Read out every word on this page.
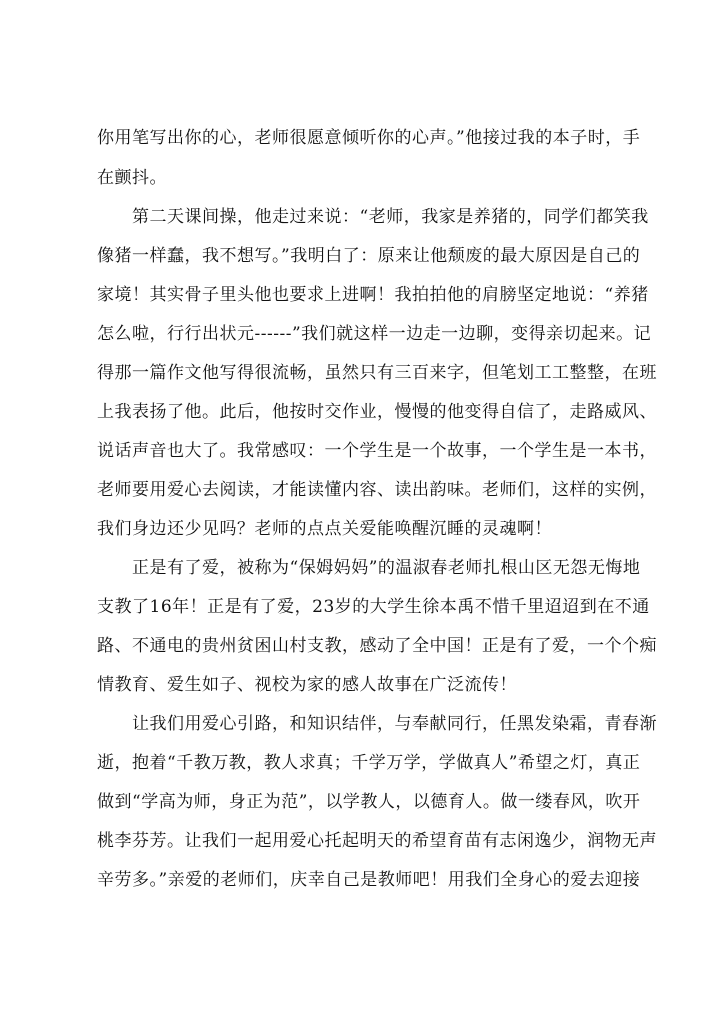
你用笔写出你的心，老师很愿意倾听你的心声。”他接过我的本子时，手
在颤抖。
第二天课间操，他走过来说：“老师，我家是养猪的，同学们都笑我
像猪一样蠢，我不想写。”我明白了：原来让他颓废的最大原因是自己的
家境！其实骨子里头他也要求上进啊！我拍拍他的肩膀坚定地说：“养猪
怎么啦，行行出状元------”我们就这样一边走一边聊，变得亲切起来。记
得那一篇作文他写得很流畅，虽然只有三百来字，但笔划工工整整，在班
上我表扬了他。此后，他按时交作业，慢慢的他变得自信了，走路威风、
说话声音也大了。我常感叹：一个学生是一个故事，一个学生是一本书，
老师要用爱心去阅读，才能读懂内容、读出韵味。老师们，这样的实例，
我们身边还少见吗？老师的点点关爱能唤醒沉睡的灵魂啊！
正是有了爱，被称为“保姆妈妈”的温淑春老师扎根山区无怨无悔地
支教了16年！正是有了爱，23岁的大学生徐本禹不惜千里迢迢到在不通
路、不通电的贵州贫困山村支教，感动了全中国！正是有了爱，一个个痴
情教育、爱生如子、视校为家的感人故事在广泛流传！
让我们用爱心引路，和知识结伴，与奉献同行，任黑发染霜，青春渐
逝，抱着“千教万教，教人求真；千学万学，学做真人”希望之灯，真正
做到“学高为师，身正为范”，以学教人，以德育人。做一缕春风，吹开
桃李芬芳。让我们一起用爱心托起明天的希望育苗有志闲逸少，润物无声
辛劳多。”亲爱的老师们，庆幸自己是教师吧！用我们全身心的爱去迎接
